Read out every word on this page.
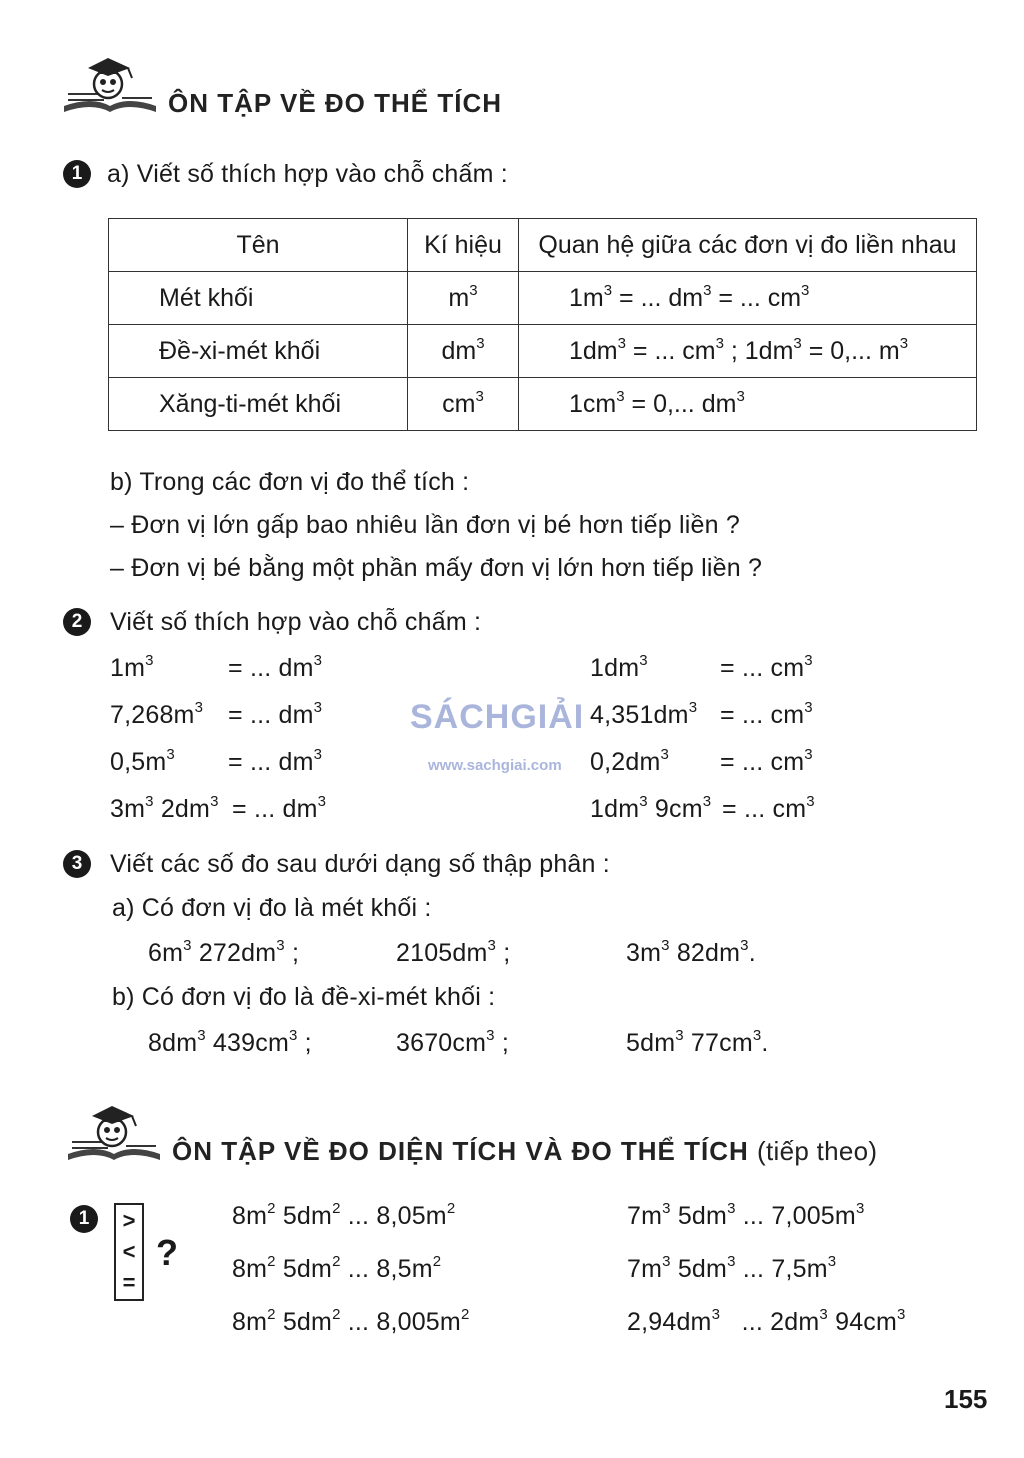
ÔN TẬP VỀ ĐO THỂ TÍCH
1 a) Viết số thích hợp vào chỗ chấm :
Tên	Kí hiệu	Quan hệ giữa các đơn vị đo liền nhau
Mét khối	$m^3$	$1m^3$ = ... $dm^3$ = ... $cm^3$
Đề-xi-mét khối	$dm^3$	$1dm^3$ = ... $cm^3$ ; $1dm^3 = 0$,... $m^3$
Xăng-ti-mét khối	$cm^3$	$1cm^3 = 0$,... $dm^3$
b) Trong các đơn vị đo thể tích :
– Đơn vị lớn gấp bao nhiêu lần đơn vị bé hơn tiếp liền ?
– Đơn vị bé bằng một phần mấy đơn vị lớn hơn tiếp liền ?
2	Viết số thích hợp vào chỗ chấm :
$1m^3$	= ... $dm^3$
$7,268m^3$ = ... $dm^3$
$0,5m^3$ = ... $dm^3$
$3m^3$ $2dm^3$ = ... $dm^3$
$1dm^3$	= ... $cm^3$
$4,351dm^3$ = ... $cm^3$
$0,2dm^3$ = ... $cm^3$
$1dm^3$ $9cm^3$ = ... $cm^3$
SÁCHGIẢI
www.sachgiai.com
3	Viết các số đo sau dưới dạng số thập phân :
a) Có đơn vị đo là mét khối :
$6m^3$ $272dm^3$ ;	$2105dm^3$ ;	$3m^3$ $82dm^3$.
b) Có đơn vị đo là đề-xi-mét khối :
$8dm^3$ $439cm^3$ ;	$3670cm^3$ ;	$5dm^3$ $77cm^3$.
ÔN TẬP VỀ ĐO DIỆN TÍCH VÀ ĐO THỂ TÍCH (tiếp theo)
1	>
<
=
?
$8m^2$ $5dm^2$ ... $8,05m^2$
$8m^2$ $5dm^2$ ... $8,5m^2$
$8m^2$ $5dm^2$ ... $8,005m^2$
$7m^3$ $5dm^3$ ... $7,005m^3$
$7m^3$ $5dm^3$ ... $7,5m^3$
$2,94dm^3$   ... $2dm^3$ $94cm^3$
155
